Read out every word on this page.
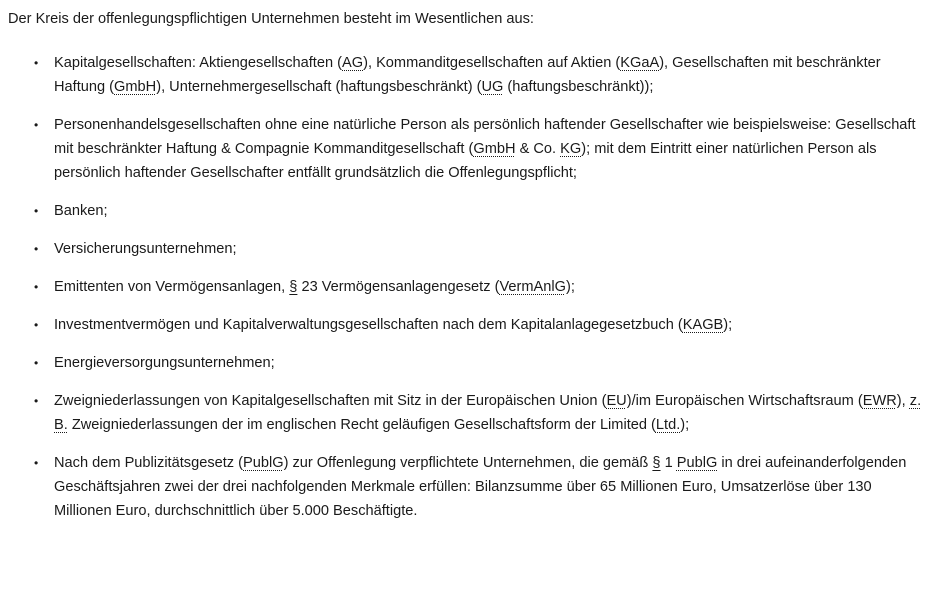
Der Kreis der offenlegungspflichtigen Unternehmen besteht im Wesentlichen aus:

• Kapitalgesellschaften: Aktiengesellschaften (AG), Kommanditgesellschaften auf Aktien (KGaA), Gesellschaften mit beschränkter Haftung (GmbH), Unternehmergesellschaft (haftungsbeschränkt) (UG (haftungsbeschränkt));
• Personenhandelsgesellschaften ohne eine natürliche Person als persönlich haftender Gesellschafter wie beispielsweise: Gesellschaft mit beschränkter Haftung & Compagnie Kommanditgesellschaft (GmbH & Co. KG); mit dem Eintritt einer natürlichen Person als persönlich haftender Gesellschafter entfällt grundsätzlich die Offenlegungspflicht;
• Banken;
• Versicherungsunternehmen;
• Emittenten von Vermögensanlagen, § 23 Vermögensanlagengesetz (VermAnlG);
• Investmentvermögen und Kapitalverwaltungsgesellschaften nach dem Kapitalanlagegesetzbuch (KAGB);
• Energieversorgungsunternehmen;
• Zweigniederlassungen von Kapitalgesellschaften mit Sitz in der Europäischen Union (EU)/im Europäischen Wirtschaftsraum (EWR), z. B. Zweigniederlassungen der im englischen Recht geläufigen Gesellschaftsform der Limited (Ltd.);
• Nach dem Publizitätsgesetz (PublG) zur Offenlegung verpflichtete Unternehmen, die gemäß § 1 PublG in drei aufeinanderfolgenden Geschäftsjahren zwei der drei nachfolgenden Merkmale erfüllen: Bilanzsumme über 65 Millionen Euro, Umsatzerlöse über 130 Millionen Euro, durchschnittlich über 5.000 Beschäftigte.
